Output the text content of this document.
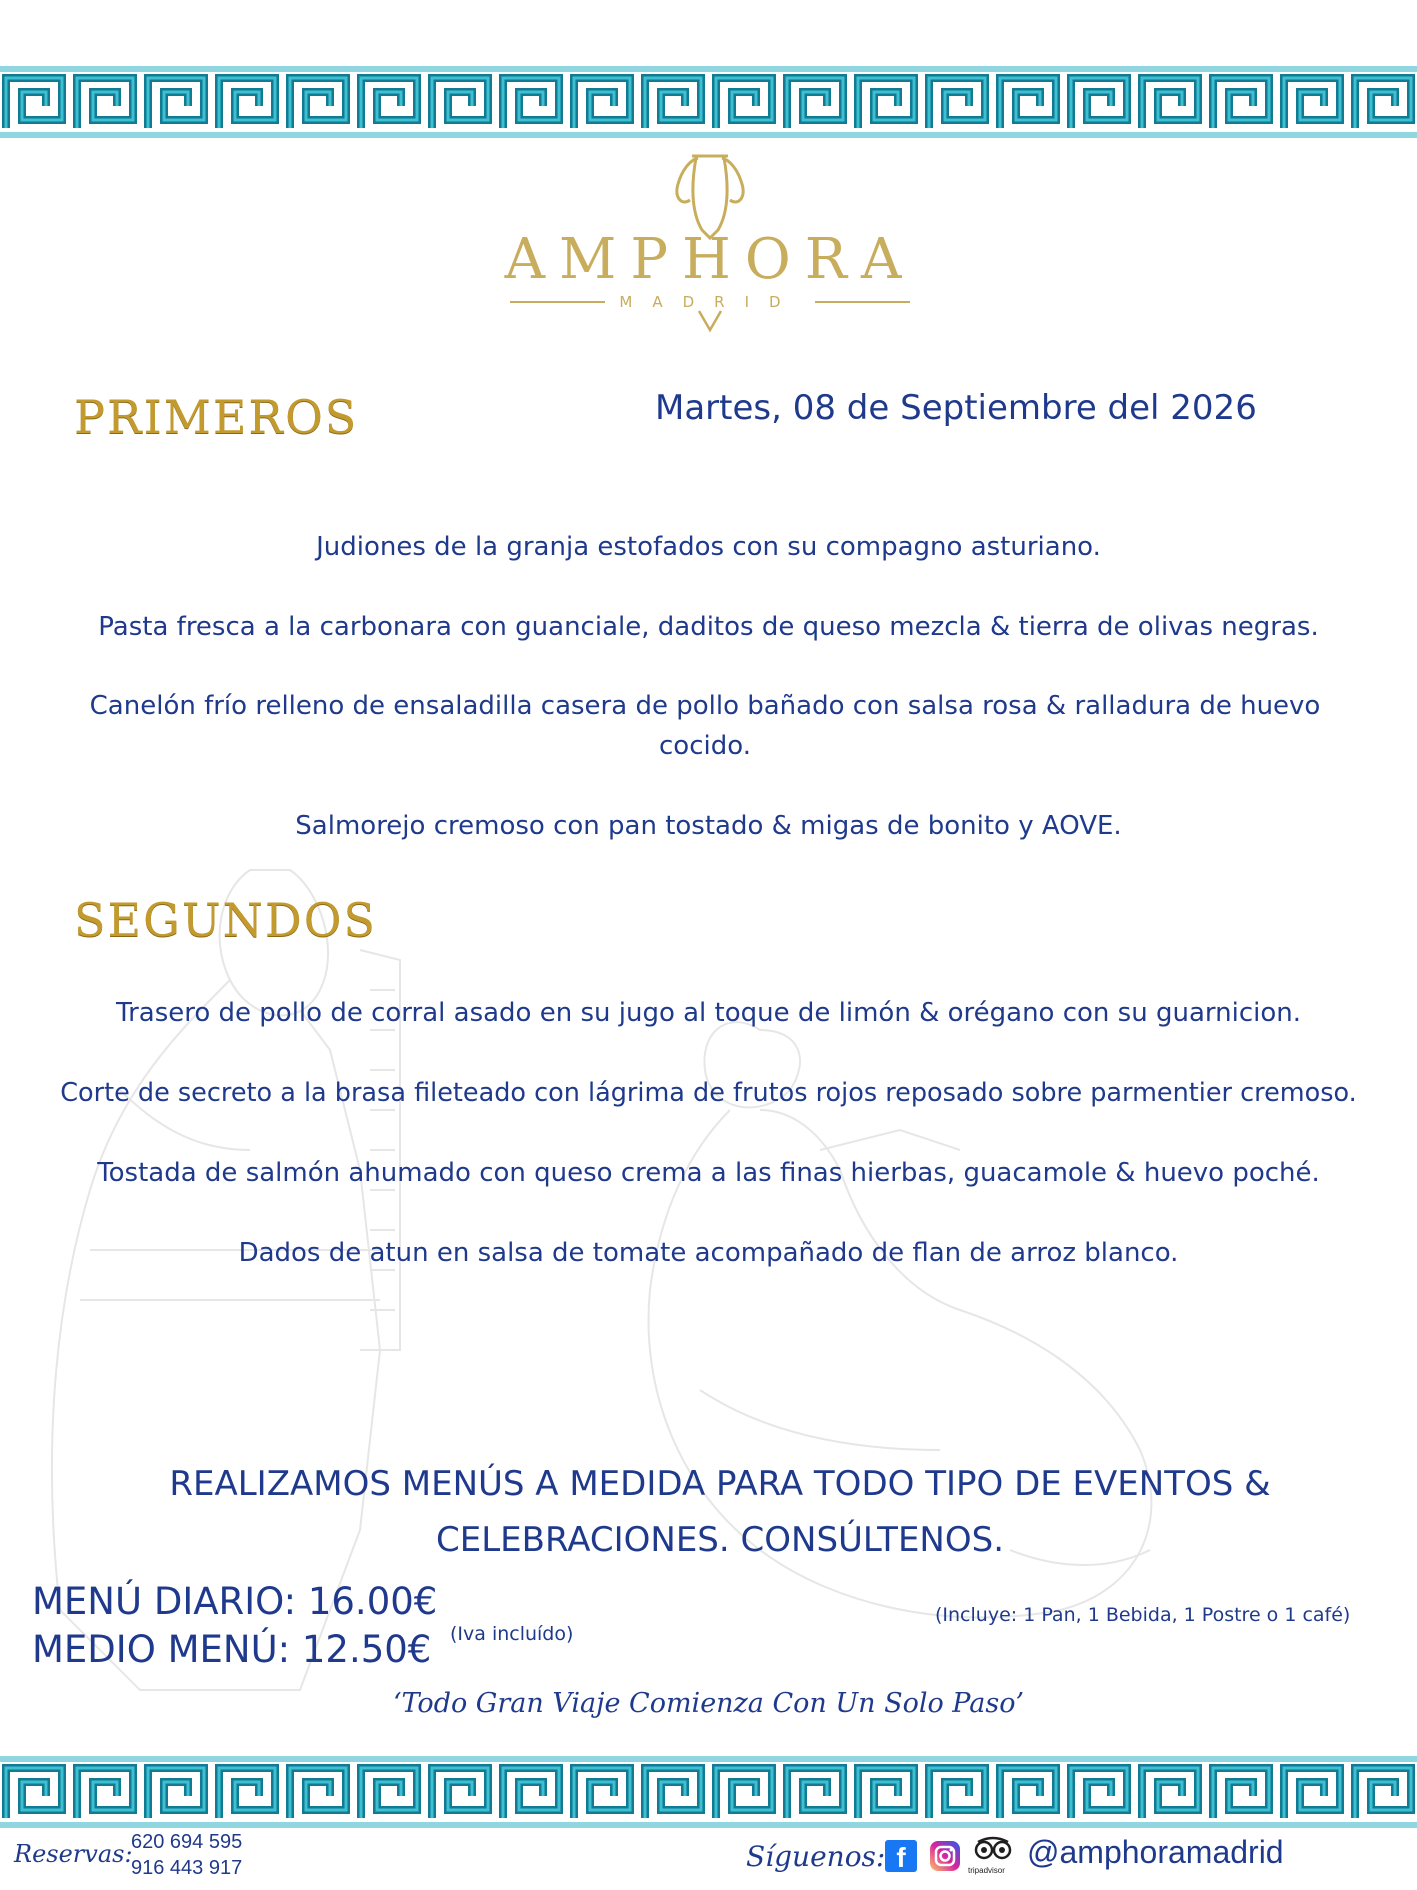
AMPHORA
MADRID
PRIMEROS	Martes, 08 de Septiembre del 2026
Judiones de la granja estofados con su compagno asturiano.
Pasta fresca a la carbonara con guanciale, daditos de queso mezcla & tierra de olivas negras.
Canelón frío relleno de ensaladilla casera de pollo bañado con salsa rosa & ralladura de huevo cocido.
Salmorejo cremoso con pan tostado & migas de bonito y AOVE.
SEGUNDOS
Trasero de pollo de corral asado en su jugo al toque de limón & orégano con su guarnicion.
Corte de secreto a la brasa fileteado con lágrima de frutos rojos reposado sobre parmentier cremoso.
Tostada de salmón ahumado con queso crema a las finas hierbas, guacamole & huevo poché.
Dados de atun en salsa de tomate acompañado de flan de arroz blanco.
REALIZAMOS MENÚS A MEDIDA PARA TODO TIPO DE EVENTOS & CELEBRACIONES. CONSÚLTENOS.
MENÚ DIARIO: 16.00€
MEDIO MENÚ: 12.50€ (Iva incluído)
(Incluye: 1 Pan, 1 Bebida, 1 Postre o 1 café)
‘Todo Gran Viaje Comienza Con Un Solo Paso’
Reservas:
620 694 595
916 443 917	Síguenos: f	tripadvisor
@amphoramadrid
